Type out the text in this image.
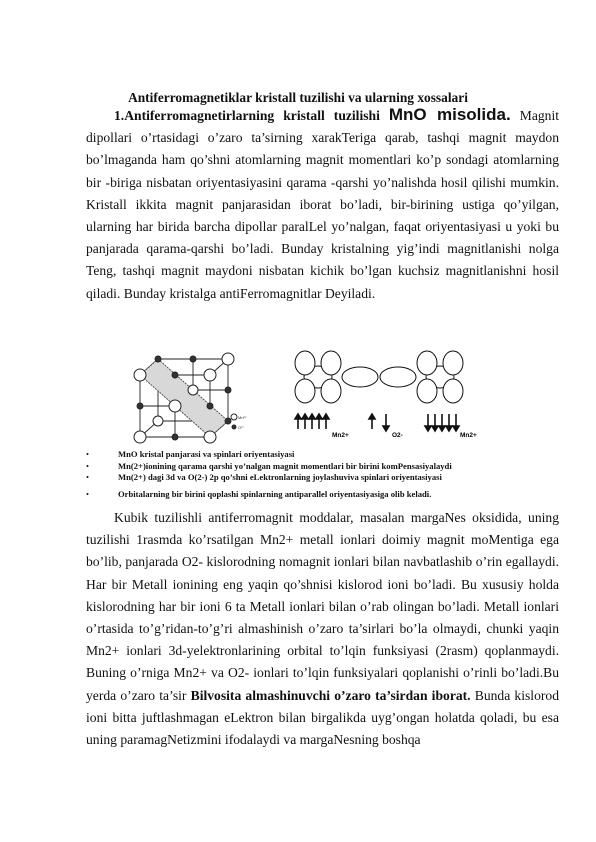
Antiferromagnetiklar kristall tuzilishi va ularning xossalari
1.Antiferromagnetirlarning kristall tuzilishi MnO misolida. Magnit dipollari o’rtasidagi o’zaro ta’sirning xarakTeriga qarab, tashqi magnit maydon bo’lmaganda ham qo’shni atomlarning magnit momentlari ko’p sondagi atomlarning bir -biriga nisbatan oriyentasiyasini qarama -qarshi yo’nalishda hosil qilishi mumkin. Kristall ikkita magnit panjarasidan iborat bo’ladi, bir-birining ustiga qo’yilgan, ularning har birida barcha dipollar paralLel yo’nalgan, faqat oriyentasiyasi u yoki bu panjarada qarama-qarshi bo’ladi. Bunday kristalning yig’indi magnitlanishi nolga Teng, tashqi magnit maydoni nisbatan kichik bo’lgan kuchsiz magnitlanishni hosil qiladi. Bunday kristalga antiFerromagnitlar Deyiladi.
Mn²⁺
O²⁻
Mn2+	O2-	Mn2+
•	MnO kristal panjarasi va spinlari oriyentasiyasi
•	Mn(2+)ionining qarama qarshi yo’nalgan magnit momentlari bir birini komPensasiyalaydi
•	Mn(2+) dagi 3d va O(2-) 2p qo’shni eLektronlarning joylashuviva spinlari oriyentasiyasi
•	Orbitalarning bir birini qoplashi spinlarning antiparallel oriyentasiyasiga olib keladi.
Kubik tuzilishli antiferromagnit moddalar, masalan margaNes oksidida, uning tuzilishi 1rasmda ko’rsatilgan Mn2+ metall ionlari doimiy magnit moMentiga ega bo’lib, panjarada O2- kislorodning nomagnit ionlari bilan navbatlashib o’rin egallaydi. Har bir Metall ionining eng yaqin qo’shnisi kislorod ioni bo’ladi. Bu xususiy holda kislorodning har bir ioni 6 ta Metall ionlari bilan o’rab olingan bo’ladi. Metall ionlari o’rtasida to’g’ridan-to’g’ri almashinish o’zaro ta’sirlari bo’la olmaydi, chunki yaqin Mn2+ ionlari 3d-yelektronlarining orbital to’lqin funksiyasi (2rasm) qoplanmaydi. Buning o’rniga Mn2+ va O2- ionlari to’lqin funksiyalari qoplanishi o’rinli bo’ladi.Bu yerda o’zaro ta’sir Bilvosita almashinuvchi o’zaro ta’sirdan iborat. Bunda kislorod ioni bitta juftlashmagan eLektron bilan birgalikda uyg’ongan holatda qoladi, bu esa uning paramagNetizmini ifodalaydi va margaNesning boshqa
